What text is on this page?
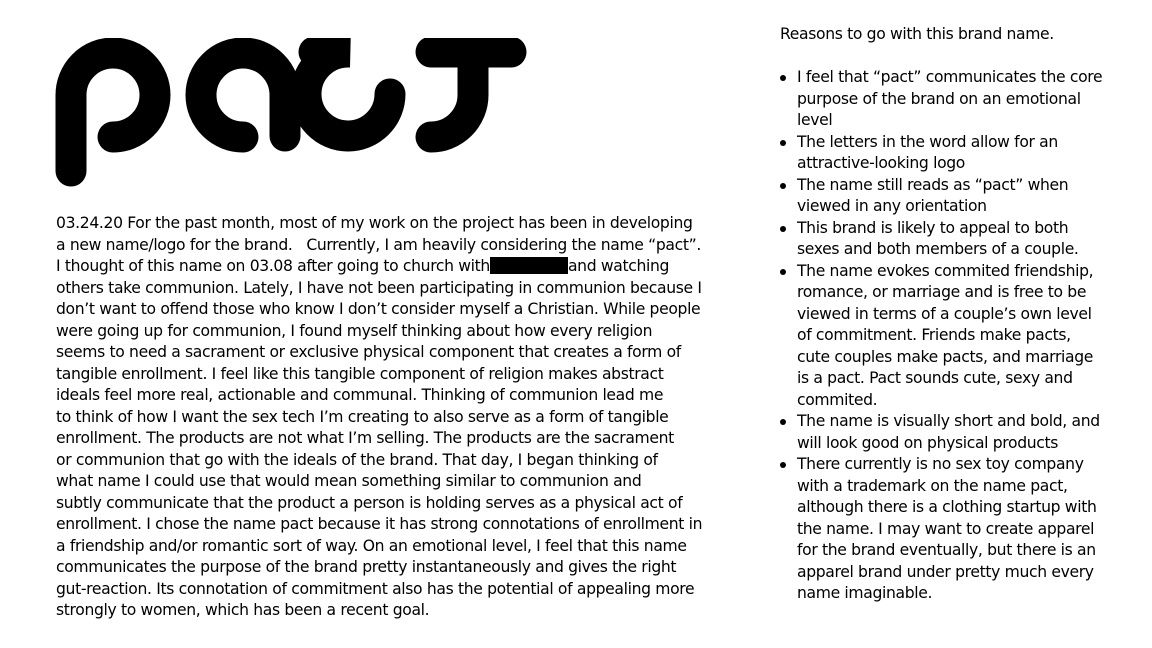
03.24.20 For the past month, most of my work on the project has been in developing
a new name/logo for the brand.   Currently, I am heavily considering the name “pact”.
I thought of this name on 03.08 after going to church with	and watching
others take communion. Lately, I have not been participating in communion because I
don’t want to offend those who know I don’t consider myself a Christian. While people
were going up for communion, I found myself thinking about how every religion
seems to need a sacrament or exclusive physical component that creates a form of
tangible enrollment. I feel like this tangible component of religion makes abstract
ideals feel more real, actionable and communal. Thinking of communion lead me
to think of how I want the sex tech I’m creating to also serve as a form of tangible
enrollment. The products are not what I’m selling. The products are the sacrament
or communion that go with the ideals of the brand. That day, I began thinking of
what name I could use that would mean something similar to communion and
subtly communicate that the product a person is holding serves as a physical act of
enrollment. I chose the name pact because it has strong connotations of enrollment in
a friendship and/or romantic sort of way. On an emotional level, I feel that this name
communicates the purpose of the brand pretty instantaneously and gives the right
gut-reaction. Its connotation of commitment also has the potential of appealing more
strongly to women, which has been a recent goal.

Reasons to go with this brand name.

I feel that “pact” communicates the core
purpose of the brand on an emotional
level
The letters in the word allow for an
attractive-looking logo
The name still reads as “pact” when
viewed in any orientation
This brand is likely to appeal to both
sexes and both members of a couple.
The name evokes commited friendship,
romance, or marriage and is free to be
viewed in terms of a couple’s own level
of commitment. Friends make pacts,
cute couples make pacts, and marriage
is a pact. Pact sounds cute, sexy and
commited.
The name is visually short and bold, and
will look good on physical products
There currently is no sex toy company
with a trademark on the name pact,
although there is a clothing startup with
the name. I may want to create apparel
for the brand eventually, but there is an
apparel brand under pretty much every
name imaginable.
